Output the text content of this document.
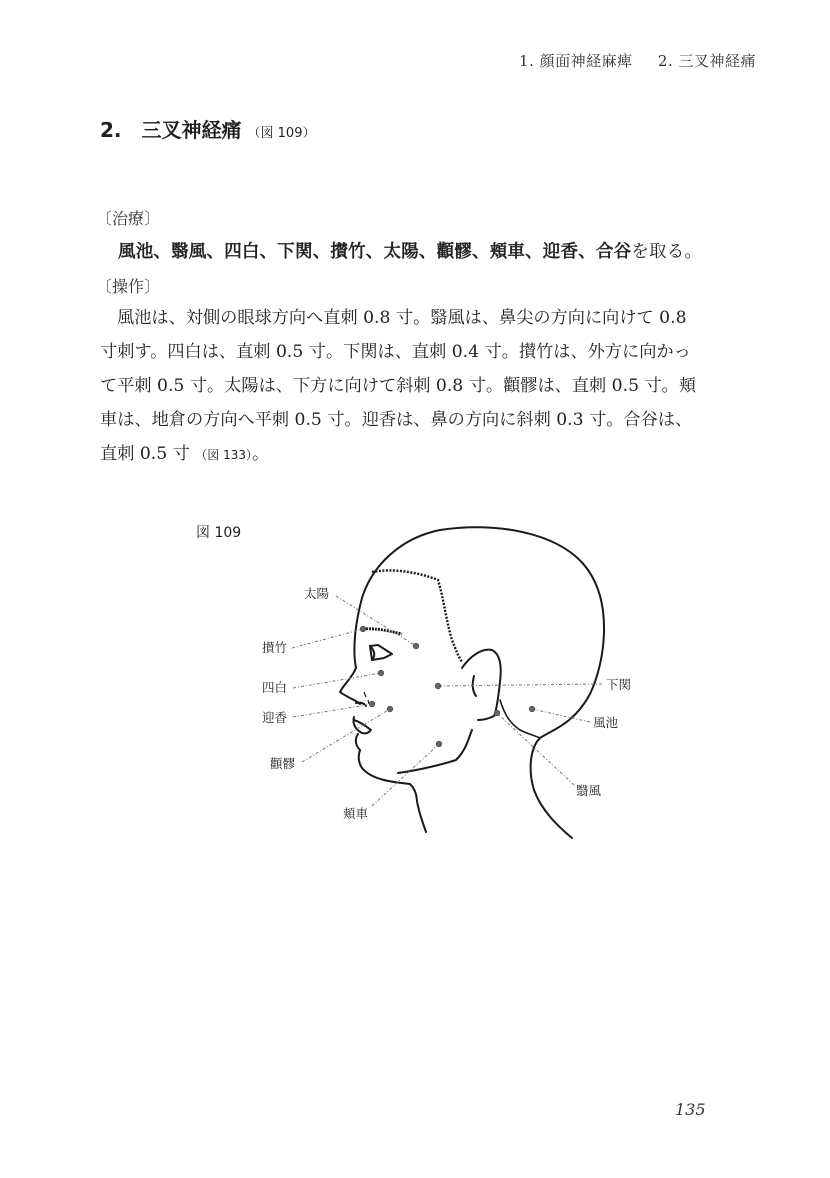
1. 顔面神経麻痺 2. 三叉神経痛
2. 三叉神経痛 （図 109）
〔治療〕
風池、翳風、四白、下関、攅竹、太陽、顴髎、頬車、迎香、合谷を取る。
〔操作〕

風池は、対側の眼球方向へ直刺 0.8 寸。翳風は、鼻尖の方向に向けて 0.8

寸刺す。四白は、直刺 0.5 寸。下関は、直刺 0.4 寸。攅竹は、外方に向かっ

て平刺 0.5 寸。太陽は、下方に向けて斜刺 0.8 寸。顴髎は、直刺 0.5 寸。頬

車は、地倉の方向へ平刺 0.5 寸。迎香は、鼻の方向に斜刺 0.3 寸。合谷は、

直刺 0.5 寸 （図 133）。

図 109
太陽
攅竹
四白
迎香
顴髎
頬車
下関
風池
翳風
135
